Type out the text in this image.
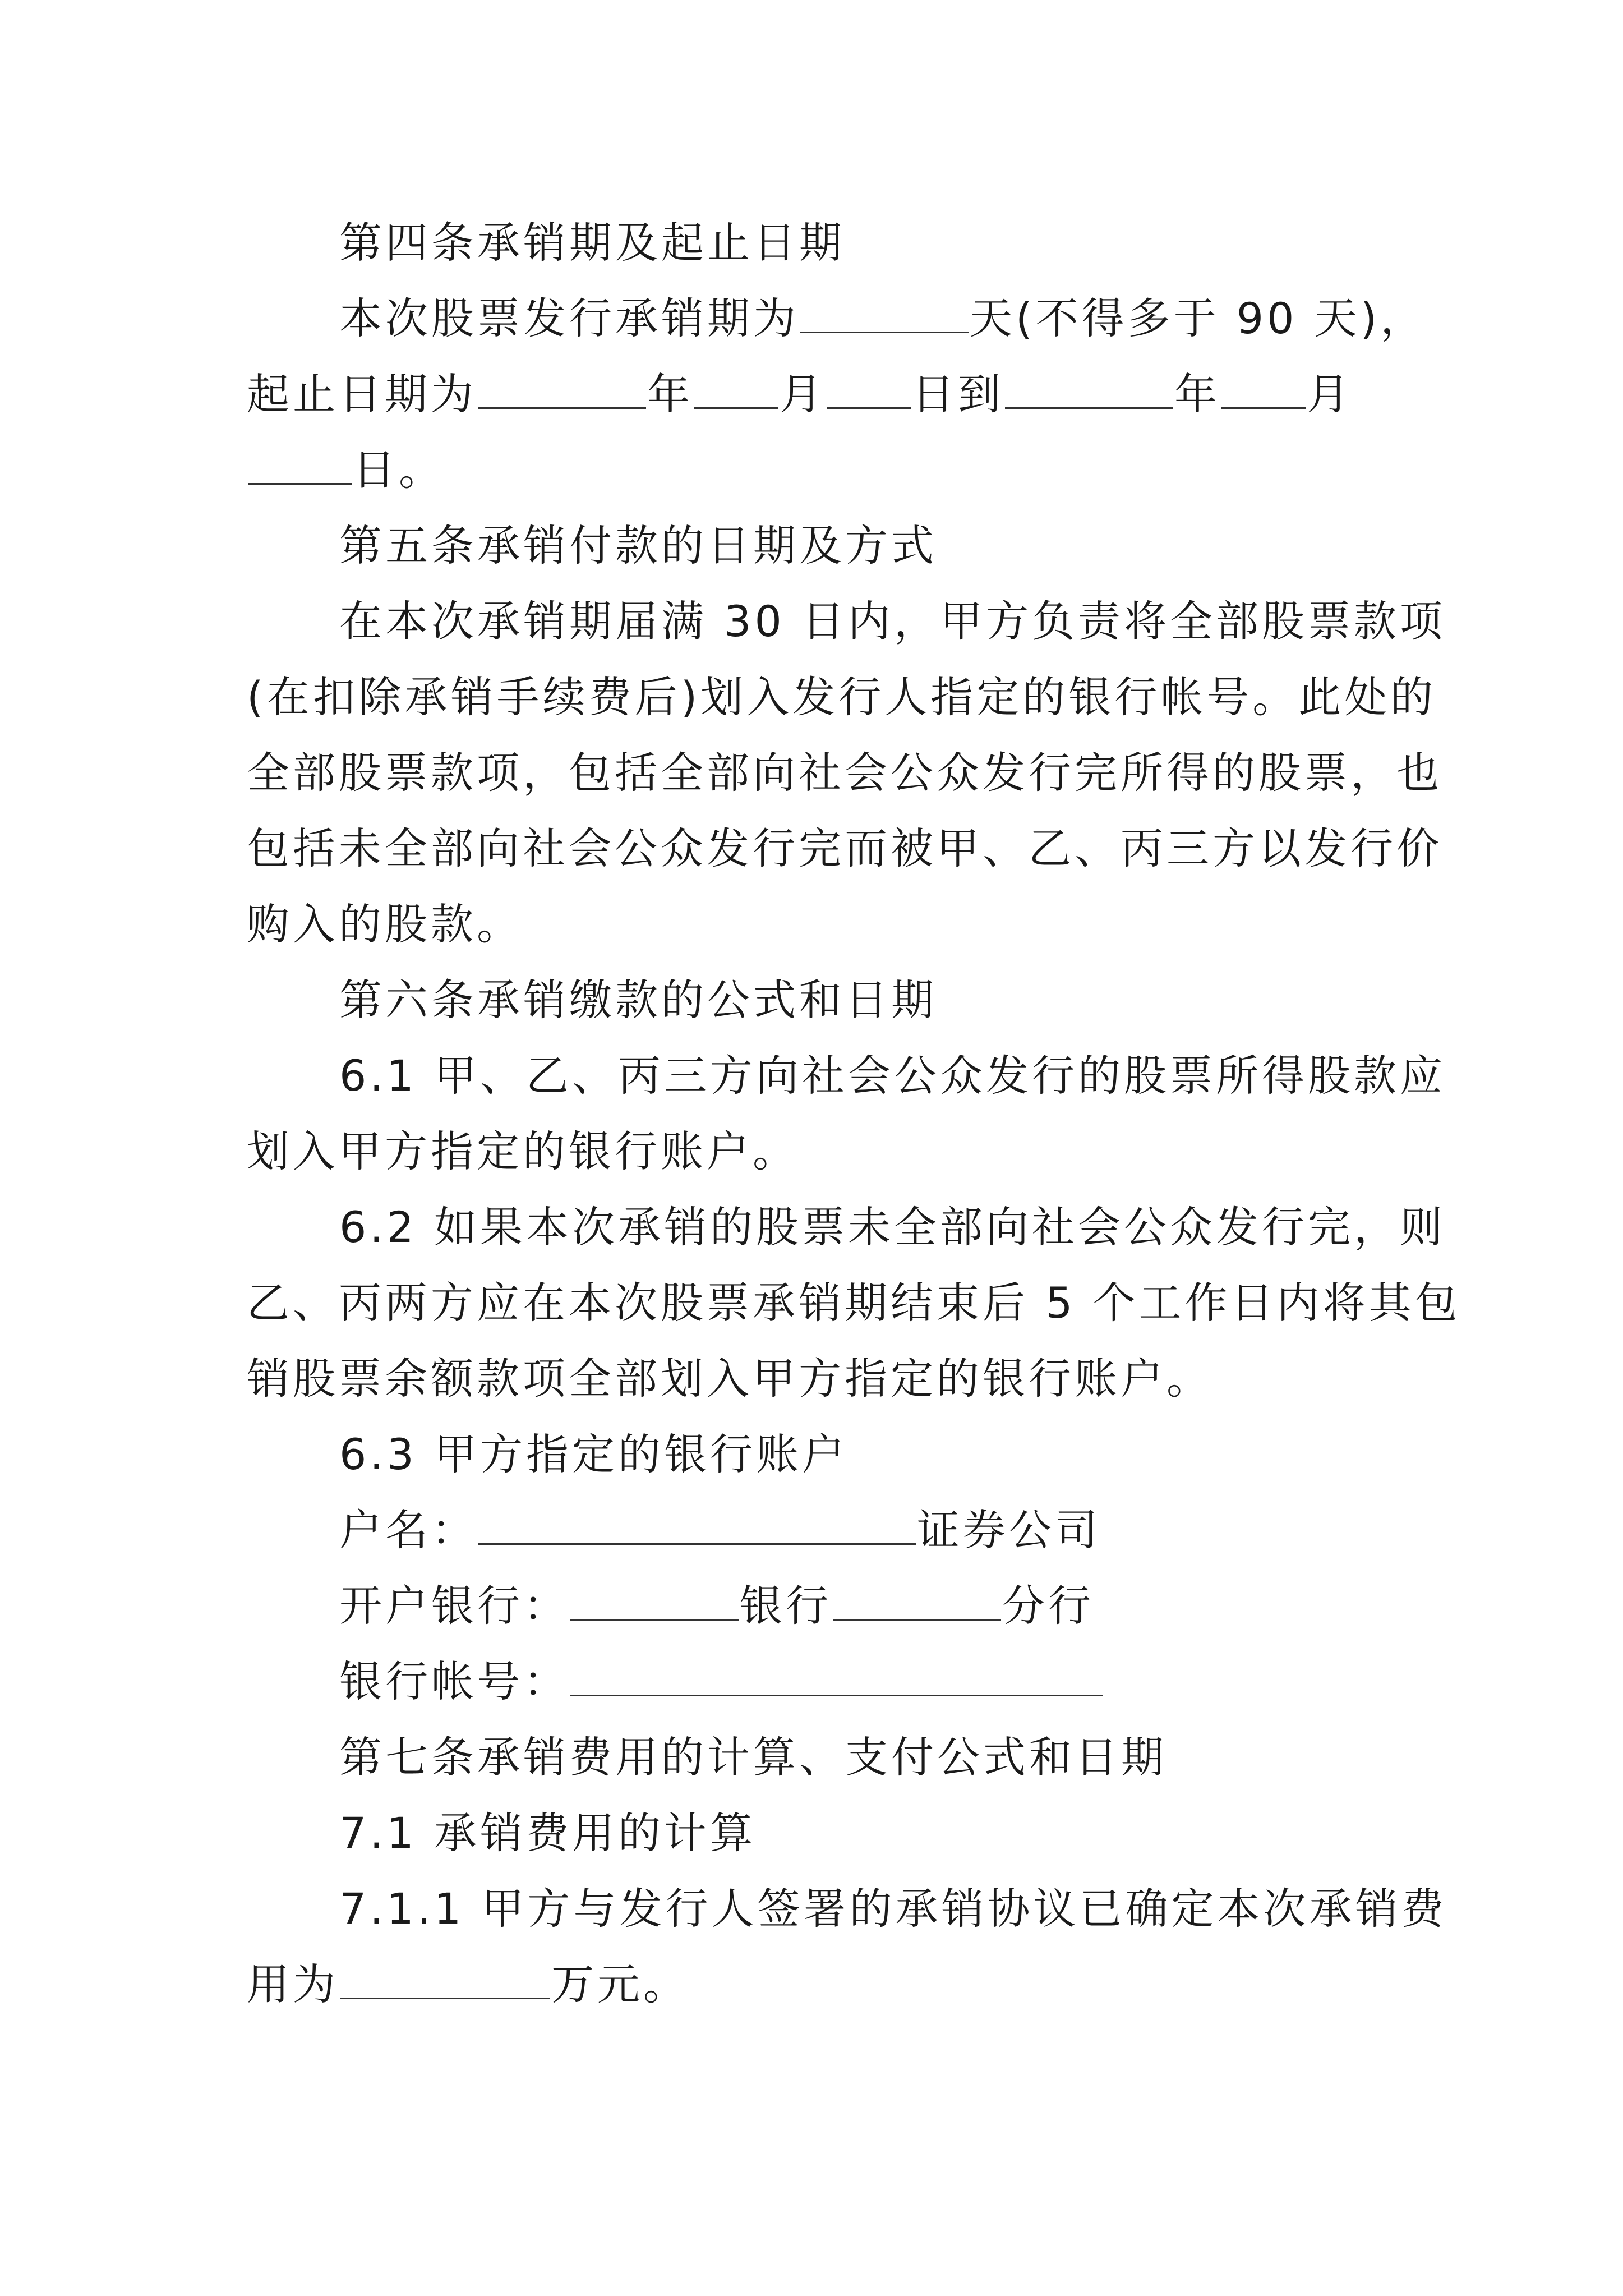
第四条承销期及起止日期
本次股票发行承销期为	天(不得多于 90 天)，
起止日期为	年 月 日到	年 月
日。
第五条承销付款的日期及方式
在本次承销期届满 30 日内，甲方负责将全部股票款项
(在扣除承销手续费后)划入发行人指定的银行帐号。此处的
全部股票款项，包括全部向社会公众发行完所得的股票，也
包括未全部向社会公众发行完而被甲、乙、丙三方以发行价
购入的股款。
第六条承销缴款的公式和日期
6.1 甲、乙、丙三方向社会公众发行的股票所得股款应
划入甲方指定的银行账户。
6.2 如果本次承销的股票未全部向社会公众发行完，则
乙、丙两方应在本次股票承销期结束后 5 个工作日内将其包
销股票余额款项全部划入甲方指定的银行账户。
6.3 甲方指定的银行账户
户名：	证券公司
开户银行：	银行	分行
银行帐号：
第七条承销费用的计算、支付公式和日期
7.1 承销费用的计算
7.1.1 甲方与发行人签署的承销协议已确定本次承销费
用为	万元。
